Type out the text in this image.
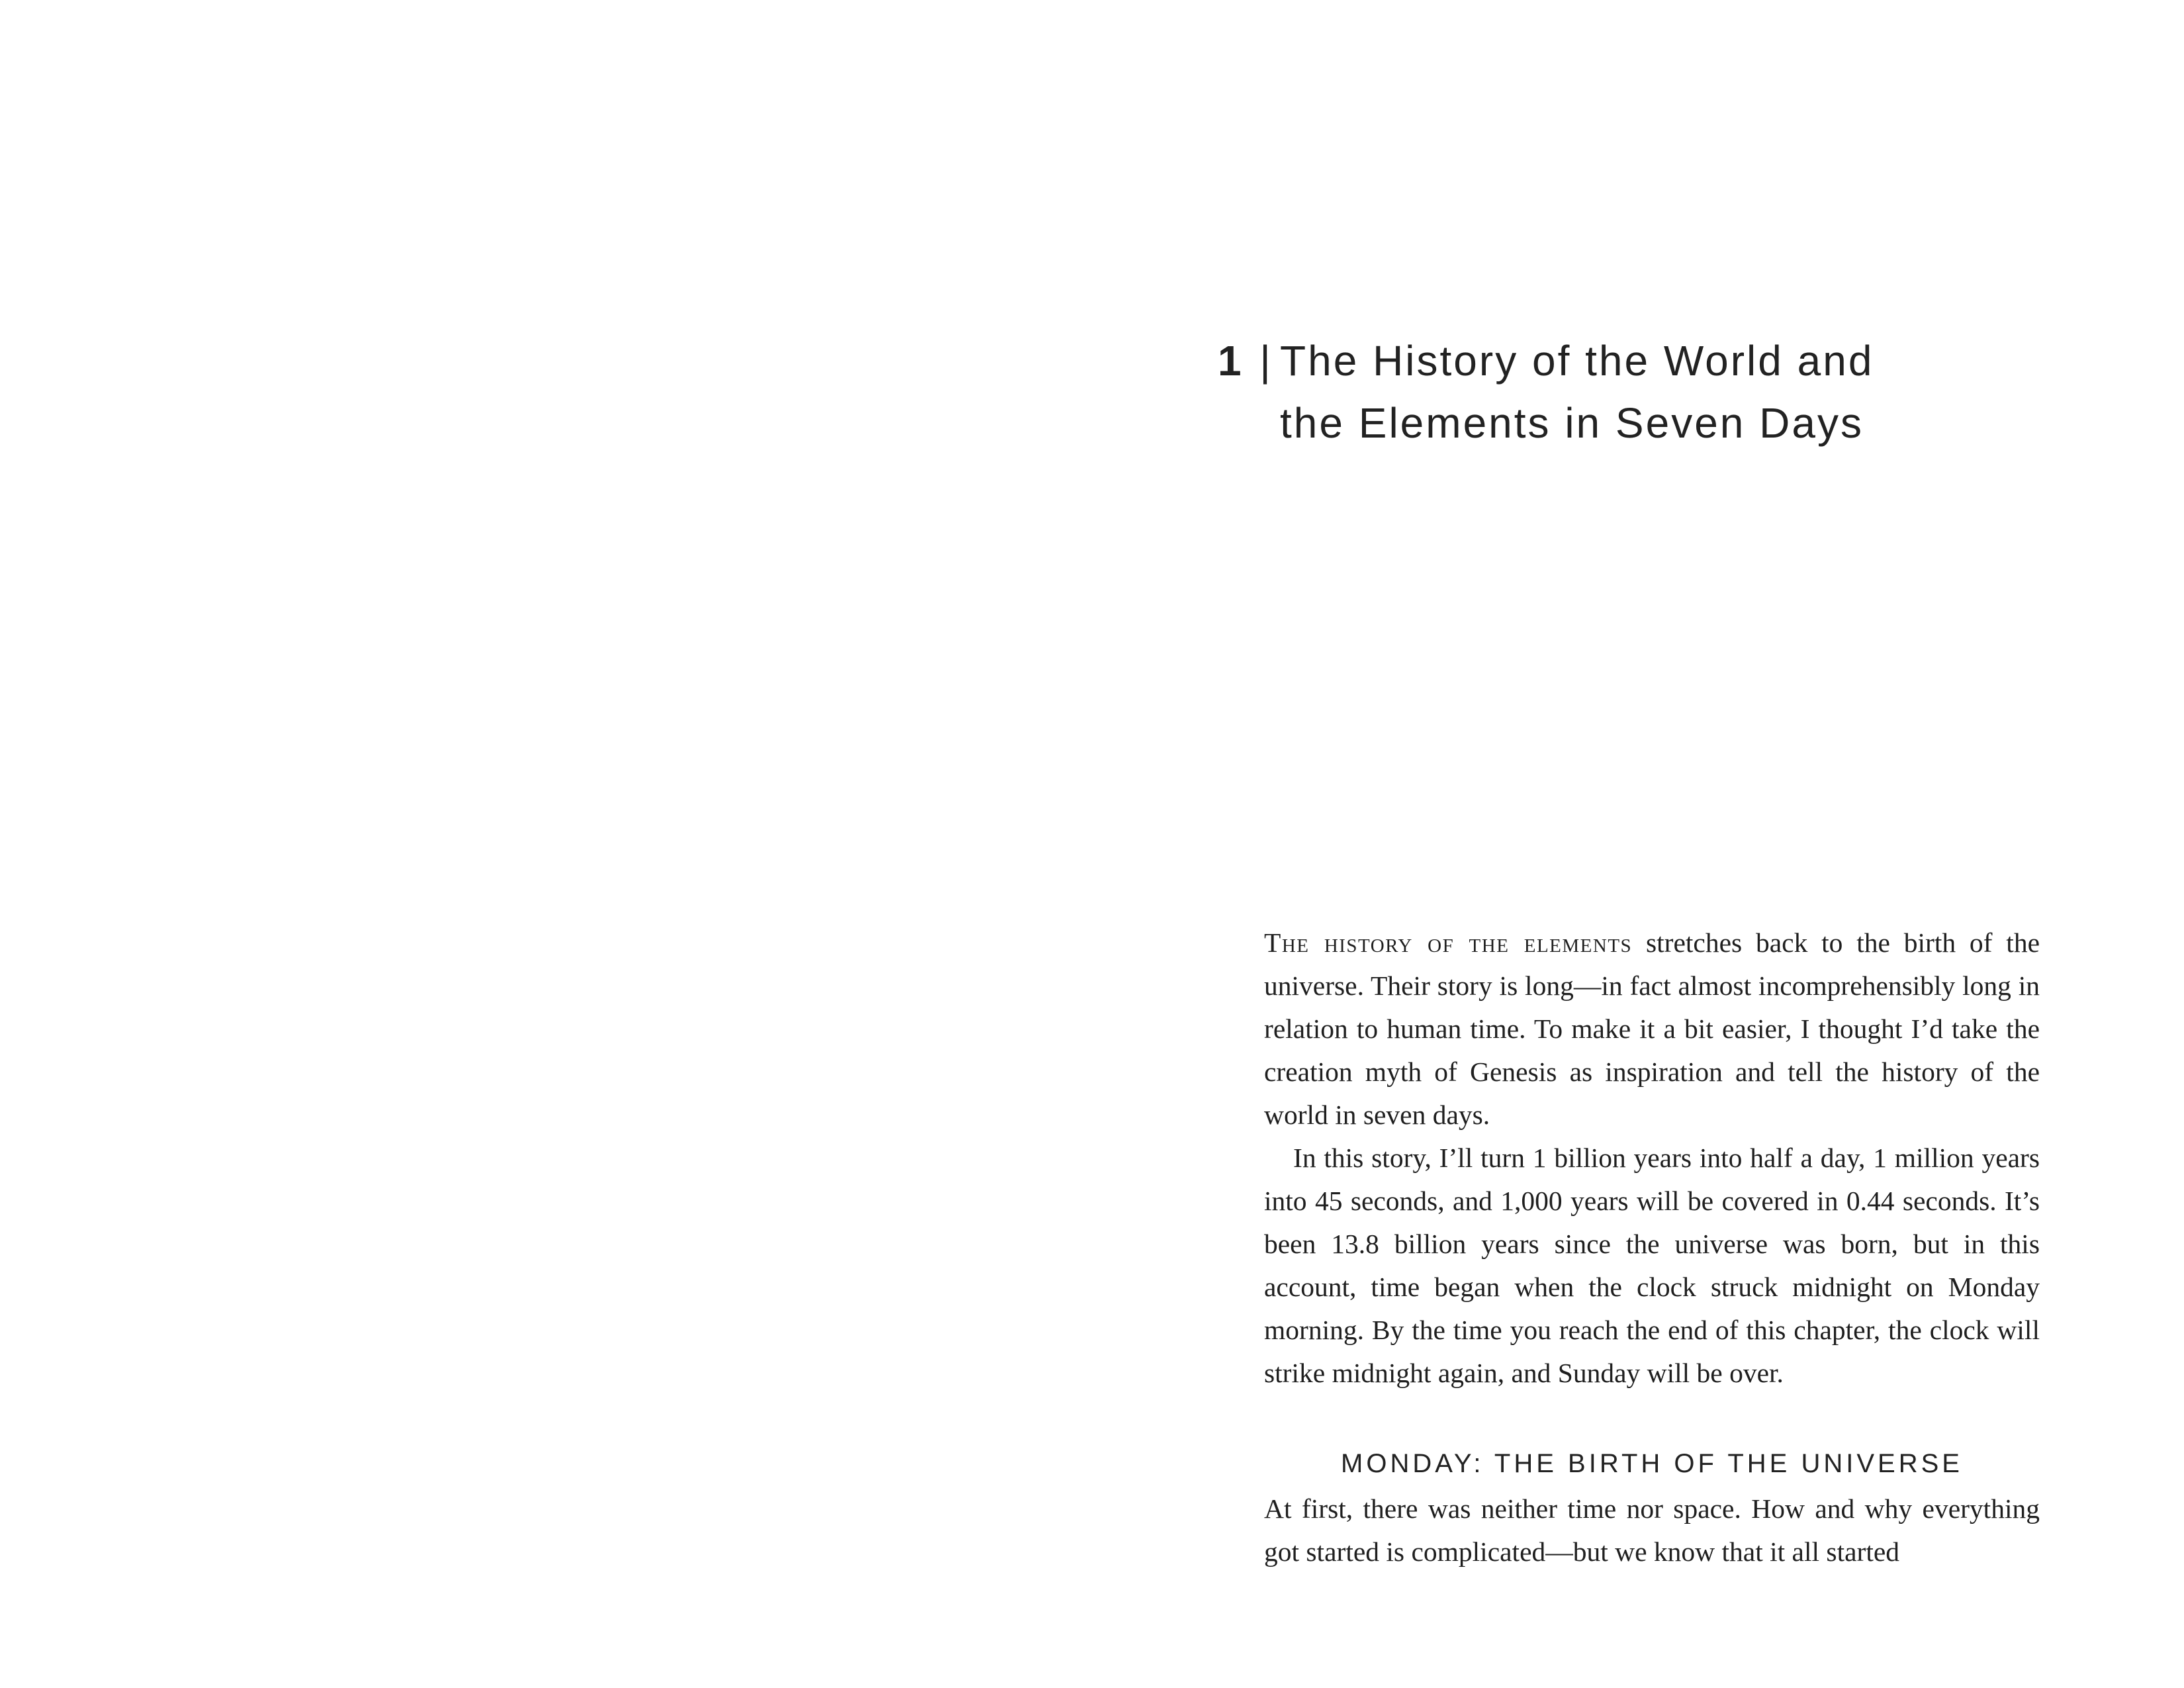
1 | The History of the World and
the Elements in Seven Days

The history of the elements stretches back to the birth of the universe. Their story is long—in fact almost incomprehensibly long in relation to human time. To make it a bit easier, I thought I’d take the creation myth of Genesis as inspiration and tell the history of the world in seven days.

In this story, I’ll turn 1 billion years into half a day, 1 million years into 45 seconds, and 1,000 years will be covered in 0.44 seconds. It’s been 13.8 billion years since the universe was born, but in this account, time began when the clock struck midnight on Monday morning. By the time you reach the end of this chapter, the clock will strike midnight again, and Sunday will be over.

MONDAY: THE BIRTH OF THE UNIVERSE

At first, there was neither time nor space. How and why everything got started is complicated—but we know that it all started
